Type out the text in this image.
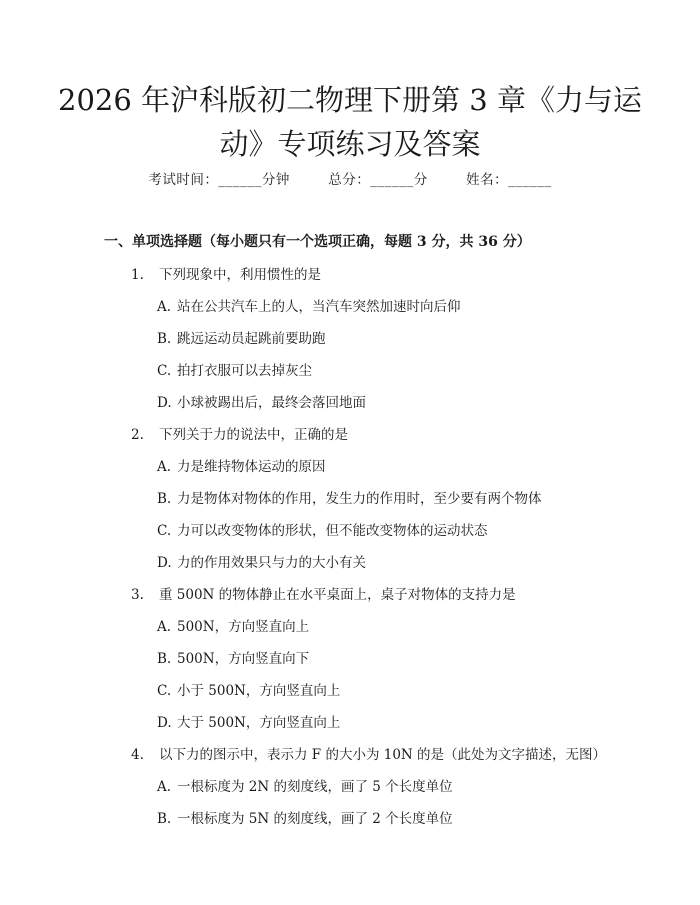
2026 年沪科版初二物理下册第 3 章《力与运
动》专项练习及答案
考试时间：______分钟	总分：______分	姓名：______
一、单项选择题（每小题只有一个选项正确，每题 3 分，共 36 分）
1. 下列现象中，利用惯性的是
A. 站在公共汽车上的人，当汽车突然加速时向后仰
B. 跳远运动员起跳前要助跑
C. 拍打衣服可以去掉灰尘
D. 小球被踢出后，最终会落回地面
2. 下列关于力的说法中，正确的是
A. 力是维持物体运动的原因
B. 力是物体对物体的作用，发生力的作用时，至少要有两个物体
C. 力可以改变物体的形状，但不能改变物体的运动状态
D. 力的作用效果只与力的大小有关
3. 重 500N 的物体静止在水平桌面上，桌子对物体的支持力是
A. 500N，方向竖直向上
B. 500N，方向竖直向下
C. 小于 500N，方向竖直向上
D. 大于 500N，方向竖直向上
4. 以下力的图示中，表示力 F 的大小为 10N 的是（此处为文字描述，无图）
A. 一根标度为 2N 的刻度线，画了 5 个长度单位
B. 一根标度为 5N 的刻度线，画了 2 个长度单位
